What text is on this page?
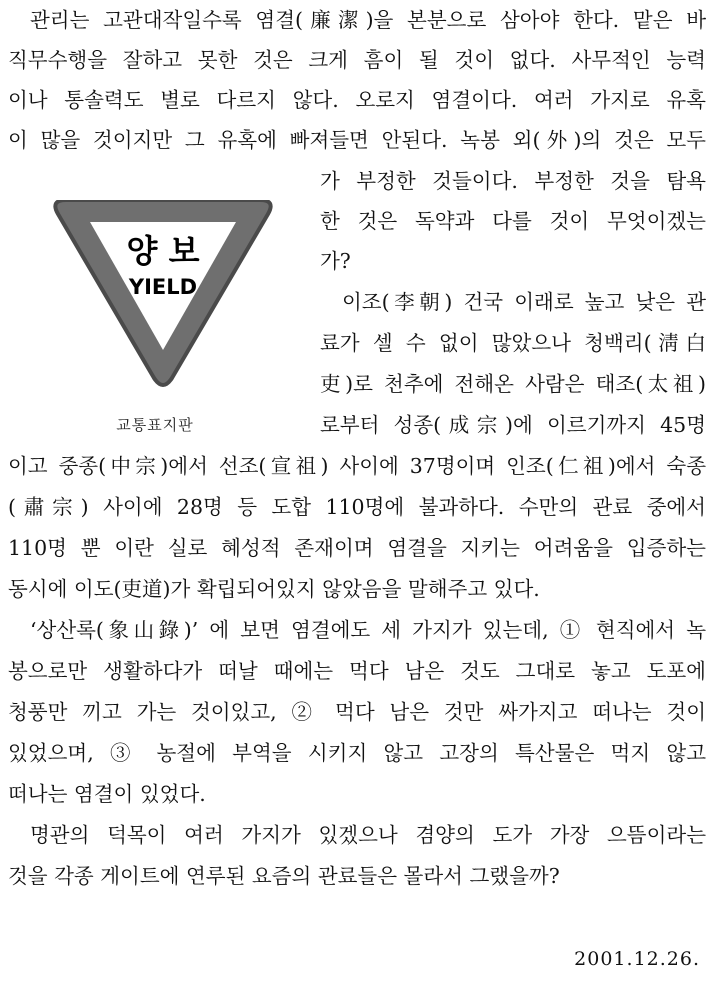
관리는 고관대작일수록 염결(廉潔)을 본분으로 삼아야 한다. 맡은 바
직무수행을 잘하고 못한 것은 크게 흠이 될 것이 없다. 사무적인 능력
이나 통솔력도 별로 다르지 않다. 오로지 염결이다. 여러 가지로 유혹
이 많을 것이지만 그 유혹에 빠져들면 안된다. 녹봉 외(外)의 것은 모두
가 부정한 것들이다. 부정한 것을 탐욕
한 것은 독약과 다를 것이 무엇이겠는
가?
이조(李朝) 건국 이래로 높고 낮은 관
료가 셀 수 없이 많았으나 청백리(淸白
吏)로 천추에 전해온 사람은 태조(太祖)
로부터 성종(成宗)에 이르기까지 45명
이고 중종(中宗)에서 선조(宣祖) 사이에 37명이며 인조(仁祖)에서 숙종
(肅宗) 사이에 28명 등 도합 110명에 불과하다. 수만의 관료 중에서
110명 뿐 이란 실로 혜성적 존재이며 염결을 지키는 어려움을 입증하는
동시에 이도(吏道)가 확립되어있지 않았음을 말해주고 있다.
‘상산록(象山錄)’ 에 보면 염결에도 세 가지가 있는데, ① 현직에서 녹
봉으로만 생활하다가 떠날 때에는 먹다 남은 것도 그대로 놓고 도포에
청풍만 끼고 가는 것이있고, ② 먹다 남은 것만 싸가지고 떠나는 것이
있었으며, ③ 농절에 부역을 시키지 않고 고장의 특산물은 먹지 않고
떠나는 염결이 있었다.
명관의 덕목이 여러 가지가 있겠으나 겸양의 도가 가장 으뜸이라는
것을 각종 게이트에 연루된 요즘의 관료들은 몰라서 그랬을까?
양 보
YIELD
교통표지판
2001.12.26.
